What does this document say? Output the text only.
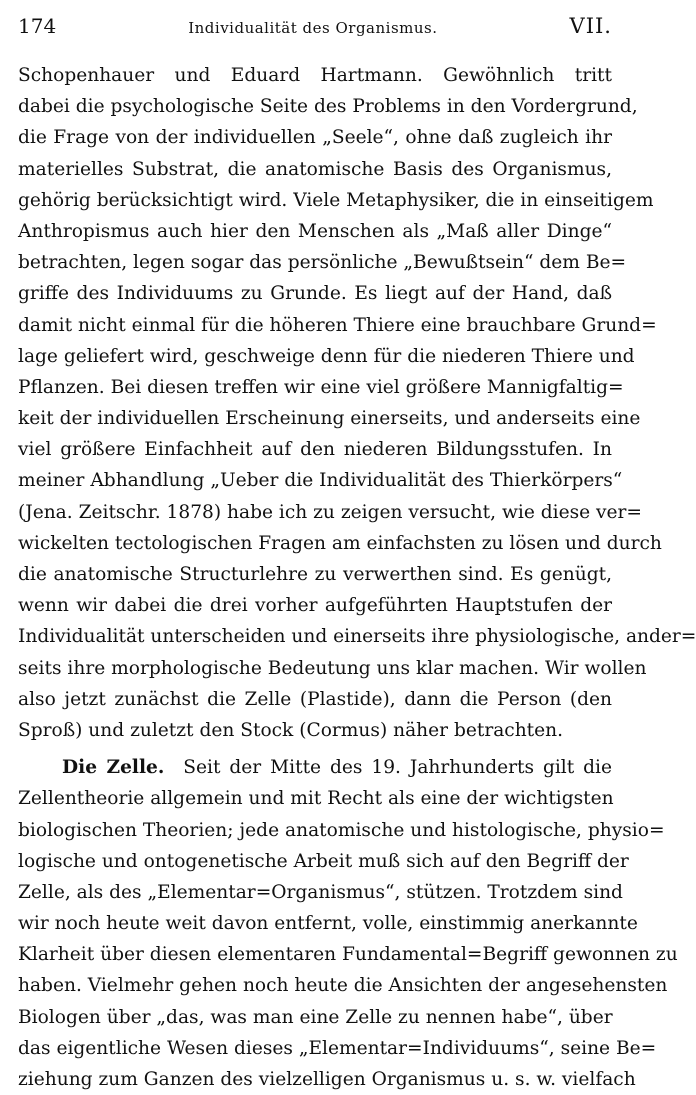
174	Individualität des Organismus.	VII.
Schopenhauer und Eduard Hartmann. Gewöhnlich tritt
dabei die psychologische Seite des Problems in den Vordergrund,
die Frage von der individuellen „Seele“, ohne daß zugleich ihr
materielles Substrat, die anatomische Basis des Organismus,
gehörig berücksichtigt wird. Viele Metaphysiker, die in einseitigem
Anthropismus auch hier den Menschen als „Maß aller Dinge“
betrachten, legen sogar das persönliche „Bewußtsein“ dem Be=
griffe des Individuums zu Grunde. Es liegt auf der Hand, daß
damit nicht einmal für die höheren Thiere eine brauchbare Grund=
lage geliefert wird, geschweige denn für die niederen Thiere und
Pflanzen. Bei diesen treffen wir eine viel größere Mannigfaltig=
keit der individuellen Erscheinung einerseits, und anderseits eine
viel größere Einfachheit auf den niederen Bildungsstufen. In
meiner Abhandlung „Ueber die Individualität des Thierkörpers“
(Jena. Zeitschr. 1878) habe ich zu zeigen versucht, wie diese ver=
wickelten tectologischen Fragen am einfachsten zu lösen und durch
die anatomische Structurlehre zu verwerthen sind. Es genügt,
wenn wir dabei die drei vorher aufgeführten Hauptstufen der
Individualität unterscheiden und einerseits ihre physiologische, ander=
seits ihre morphologische Bedeutung uns klar machen. Wir wollen
also jetzt zunächst die Zelle (Plastide), dann die Person (den
Sproß) und zuletzt den Stock (Cormus) näher betrachten.
Die Zelle. Seit der Mitte des 19. Jahrhunderts gilt die
Zellentheorie allgemein und mit Recht als eine der wichtigsten
biologischen Theorien; jede anatomische und histologische, physio=
logische und ontogenetische Arbeit muß sich auf den Begriff der
Zelle, als des „Elementar=Organismus“, stützen. Trotzdem sind
wir noch heute weit davon entfernt, volle, einstimmig anerkannte
Klarheit über diesen elementaren Fundamental=Begriff gewonnen zu
haben. Vielmehr gehen noch heute die Ansichten der angesehensten
Biologen über „das, was man eine Zelle zu nennen habe“, über
das eigentliche Wesen dieses „Elementar=Individuums“, seine Be=
ziehung zum Ganzen des vielzelligen Organismus u. s. w. vielfach
